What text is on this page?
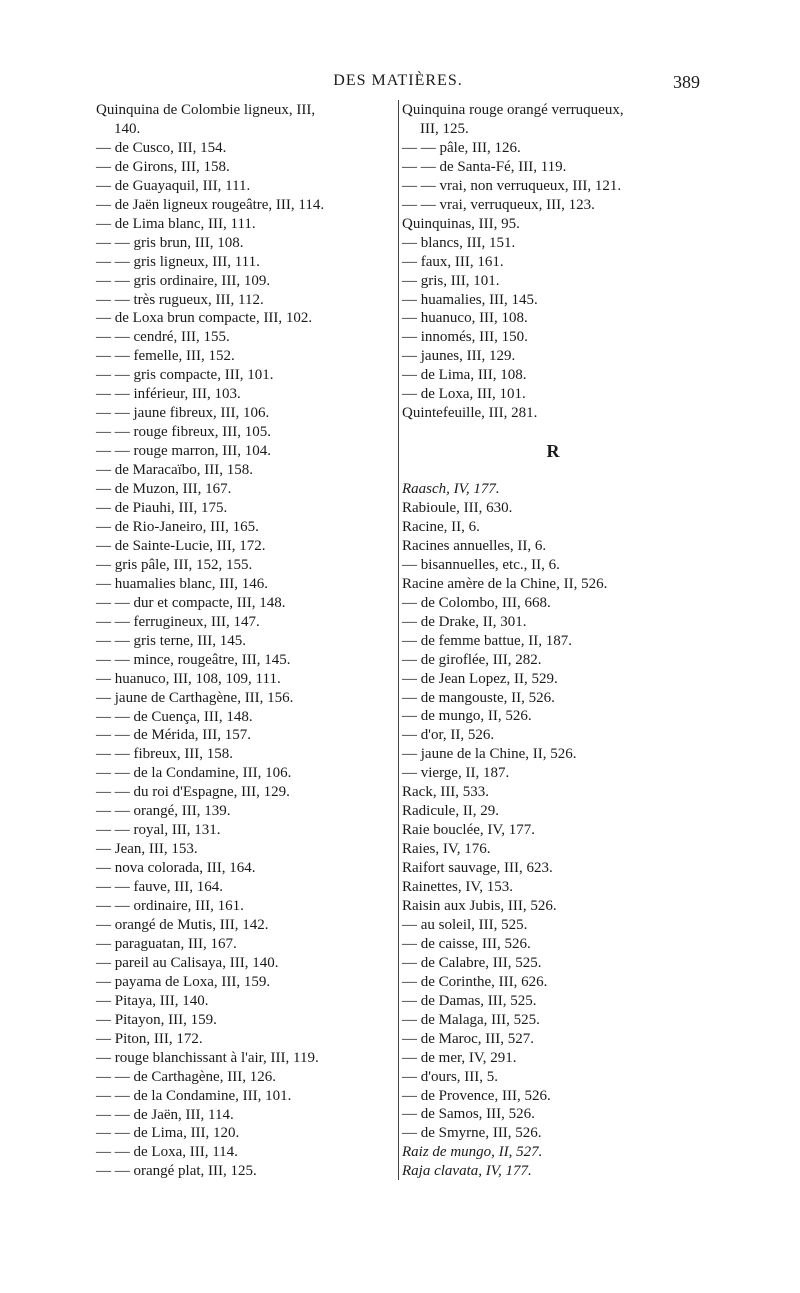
DES MATIÈRES.	389
Quinquina de Colombie ligneux, III,
140.
— de Cusco, III, 154.
— de Girons, III, 158.
— de Guayaquil, III, 111.
— de Jaën ligneux rougeâtre, III, 114.
— de Lima blanc, III, 111.
— — gris brun, III, 108.
— — gris ligneux, III, 111.
— — gris ordinaire, III, 109.
— — très rugueux, III, 112.
— de Loxa brun compacte, III, 102.
— — cendré, III, 155.
— — femelle, III, 152.
— — gris compacte, III, 101.
— — inférieur, III, 103.
— — jaune fibreux, III, 106.
— — rouge fibreux, III, 105.
— — rouge marron, III, 104.
— de Maracaïbo, III, 158.
— de Muzon, III, 167.
— de Piauhi, III, 175.
— de Rio-Janeiro, III, 165.
— de Sainte-Lucie, III, 172.
— gris pâle, III, 152, 155.
— huamalies blanc, III, 146.
— — dur et compacte, III, 148.
— — ferrugineux, III, 147.
— — gris terne, III, 145.
— — mince, rougeâtre, III, 145.
— huanuco, III, 108, 109, 111.
— jaune de Carthagène, III, 156.
— — de Cuença, III, 148.
— — de Mérida, III, 157.
— — fibreux, III, 158.
— — de la Condamine, III, 106.
— — du roi d'Espagne, III, 129.
— — orangé, III, 139.
— — royal, III, 131.
— Jean, III, 153.
— nova colorada, III, 164.
— — fauve, III, 164.
— — ordinaire, III, 161.
— orangé de Mutis, III, 142.
— paraguatan, III, 167.
— pareil au Calisaya, III, 140.
— payama de Loxa, III, 159.
— Pitaya, III, 140.
— Pitayon, III, 159.
— Piton, III, 172.
— rouge blanchissant à l'air, III, 119.
— — de Carthagène, III, 126.
— — de la Condamine, III, 101.
— — de Jaën, III, 114.
— — de Lima, III, 120.
— — de Loxa, III, 114.
— — orangé plat, III, 125.
Quinquina rouge orangé verruqueux,
III, 125.
— — pâle, III, 126.
— — de Santa-Fé, III, 119.
— — vrai, non verruqueux, III, 121.
— — vrai, verruqueux, III, 123.
Quinquinas, III, 95.
— blancs, III, 151.
— faux, III, 161.
— gris, III, 101.
— huamalies, III, 145.
— huanuco, III, 108.
— innomés, III, 150.
— jaunes, III, 129.
— de Lima, III, 108.
— de Loxa, III, 101.
Quintefeuille, III, 281.
R
Raasch, IV, 177.
Rabioule, III, 630.
Racine, II, 6.
Racines annuelles, II, 6.
— bisannuelles, etc., II, 6.
Racine amère de la Chine, II, 526.
— de Colombo, III, 668.
— de Drake, II, 301.
— de femme battue, II, 187.
— de giroflée, III, 282.
— de Jean Lopez, II, 529.
— de mangouste, II, 526.
— de mungo, II, 526.
— d'or, II, 526.
— jaune de la Chine, II, 526.
— vierge, II, 187.
Rack, III, 533.
Radicule, II, 29.
Raie bouclée, IV, 177.
Raies, IV, 176.
Raifort sauvage, III, 623.
Rainettes, IV, 153.
Raisin aux Jubis, III, 526.
— au soleil, III, 525.
— de caisse, III, 526.
— de Calabre, III, 525.
— de Corinthe, III, 626.
— de Damas, III, 525.
— de Malaga, III, 525.
— de Maroc, III, 527.
— de mer, IV, 291.
— d'ours, III, 5.
— de Provence, III, 526.
— de Samos, III, 526.
— de Smyrne, III, 526.
Raiz de mungo, II, 527.
Raja clavata, IV, 177.
